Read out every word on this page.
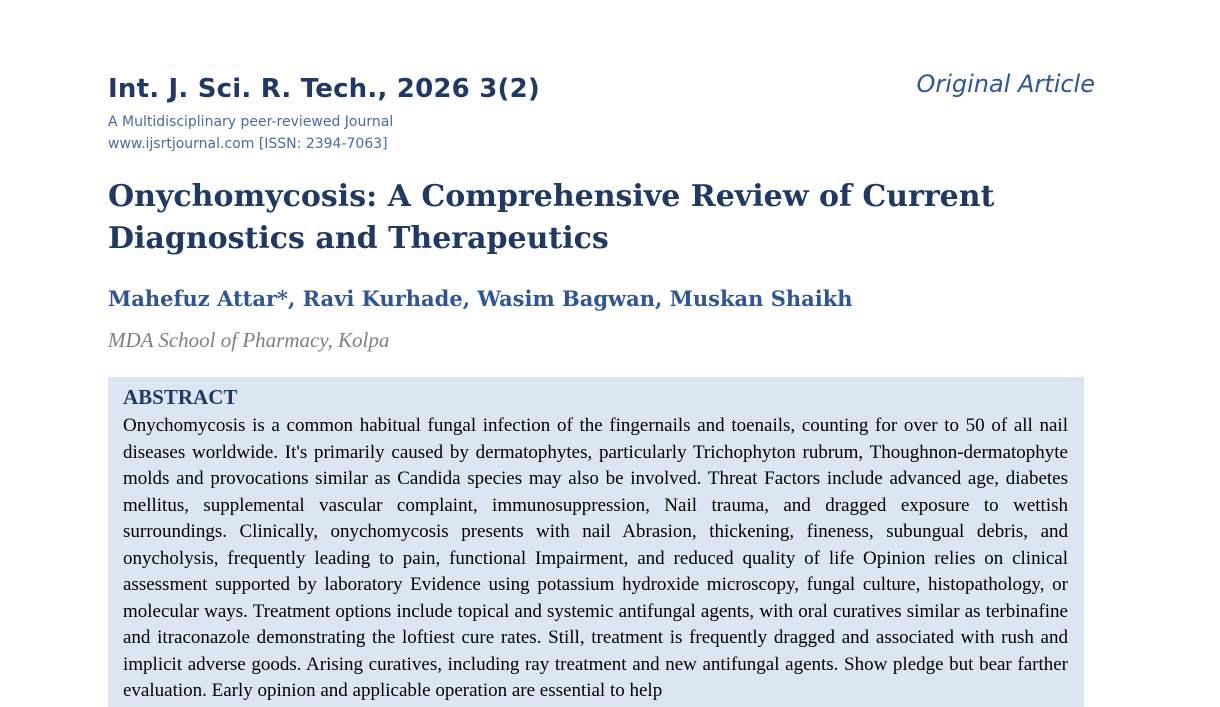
Int. J. Sci. R. Tech., 2026 3(2)
A Multidisciplinary peer-reviewed Journal
www.ijsrtjournal.com [ISSN: 2394-7063]
Original Article
Onychomycosis: A Comprehensive Review of Current Diagnostics and Therapeutics
Mahefuz Attar*, Ravi Kurhade, Wasim Bagwan, Muskan Shaikh
MDA School of Pharmacy, Kolpa
ABSTRACT

Onychomycosis is a common habitual fungal infection of the fingernails and toenails, counting for over to 50 of all nail diseases worldwide. It's primarily caused by dermatophytes, particularly Trichophyton rubrum, Thoughnon-dermatophyte molds and provocations similar as Candida species may also be involved. Threat Factors include advanced age, diabetes mellitus, supplemental vascular complaint, immunosuppression, Nail trauma, and dragged exposure to wettish surroundings. Clinically, onychomycosis presents with nail Abrasion, thickening, fineness, subungual debris, and onycholysis, frequently leading to pain, functional Impairment, and reduced quality of life Opinion relies on clinical assessment supported by laboratory Evidence using potassium hydroxide microscopy, fungal culture, histopathology, or molecular ways. Treatment options include topical and systemic antifungal agents, with oral curatives similar as terbinafine and itraconazole demonstrating the loftiest cure rates. Still, treatment is frequently dragged and associated with rush and implicit adverse goods. Arising curatives, including ray treatment and new antifungal agents. Show pledge but bear farther evaluation. Early opinion and applicable operation are essential to help
